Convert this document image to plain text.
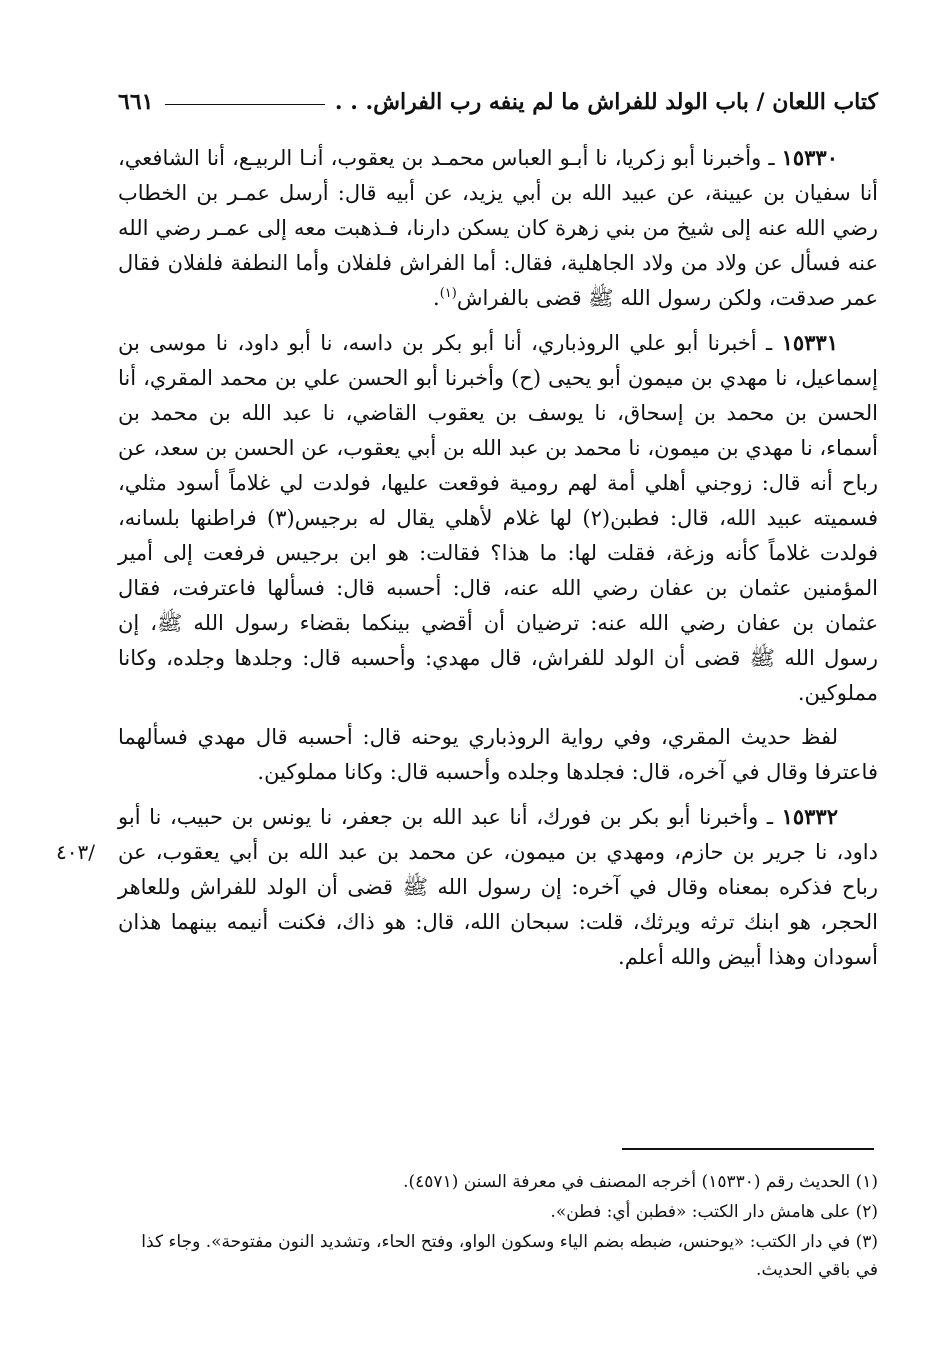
كتاب اللعان / باب الولد للفراش ما لم ينفه رب الفراش. . .
٦٦١

١٥٣٣٠ ـ وأخبرنا أبو زكريا، نا أبـو العباس محمـد بن يعقوب، أنـا الربيـع، أنا الشافعي، أنا سفيان بن عيينة، عن عبيد الله بن أبي يزيد، عن أبيه قال: أرسل عمـر بن الخطاب رضي الله عنه إلى شيخ من بني زهرة كان يسكن دارنا، فـذهبت معه إلى عمـر رضي الله عنه فسأل عن ولاد من ولاد الجاهلية، فقال: أما الفراش فلفلان وأما النطفة فلفلان فقال عمر صدقت، ولكن رسول الله ﷺ قضى بالفراش$^{(١)}$.

١٥٣٣١ ـ أخبرنا أبو علي الروذباري، أنا أبو بكر بن داسه، نا أبو داود، نا موسى بن إسماعيل، نا مهدي بن ميمون أبو يحيى (ح) وأخبرنا أبو الحسن علي بن محمد المقري، أنا الحسن بن محمد بن إسحاق، نا يوسف بن يعقوب القاضي، نا عبد الله بن محمد بن أسماء، نا مهدي بن ميمون، نا محمد بن عبد الله بن أبي يعقوب، عن الحسن بن سعد، عن رباح أنه قال: زوجني أهلي أمة لهم رومية فوقعت عليها، فولدت لي غلاماً أسود مثلي، فسميته عبيد الله، قال: فطبن(٢) لها غلام لأهلي يقال له برجيس(٣) فراطنها بلسانه، فولدت غلاماً كأنه وزغة، فقلت لها: ما هذا؟ فقالت: هو ابن برجيس فرفعت إلى أمير المؤمنين عثمان بن عفان رضي الله عنه، قال: أحسبه قال: فسألها فاعترفت، فقال عثمان بن عفان رضي الله عنه: ترضيان أن أقضي بينكما بقضاء رسول الله ﷺ، إن رسول الله ﷺ قضى أن الولد للفراش، قال مهدي: وأحسبه قال: وجلدها وجلده، وكانا مملوكين.

لفظ حديث المقري، وفي رواية الروذباري يوحنه قال: أحسبه قال مهدي فسألهما فاعترفا وقال في آخره، قال: فجلدها وجلده وأحسبه قال: وكانا مملوكين.

١٥٣٣٢ ـ وأخبرنا أبو بكر بن فورك، أنا عبد الله بن جعفر، نا يونس بن حبيب، نا أبو داود، نا جرير بن حازم، ومهدي بن ميمون، عن محمد بن عبد الله بن أبي يعقوب، عن رباح فذكره بمعناه وقال في آخره: إن رسول الله ﷺ قضى أن الولد للفراش وللعاهر الحجر، هو ابنك ترثه ويرثك، قلت: سبحان الله، قال: هو ذاك، فكنت أنيمه بينهما هذان أسودان وهذا أبيض والله أعلم.

٤٠٣/
(١) الحديث رقم (١٥٣٣٠) أخرجه المصنف في معرفة السنن (٤٥٧١).
(٢) على هامش دار الكتب: «فطبن أي: فطن».
(٣) في دار الكتب: «يوحنس، ضبطه بضم الياء وسكون الواو، وفتح الحاء، وتشديد النون مفتوحة». وجاء كذا في باقي الحديث.
